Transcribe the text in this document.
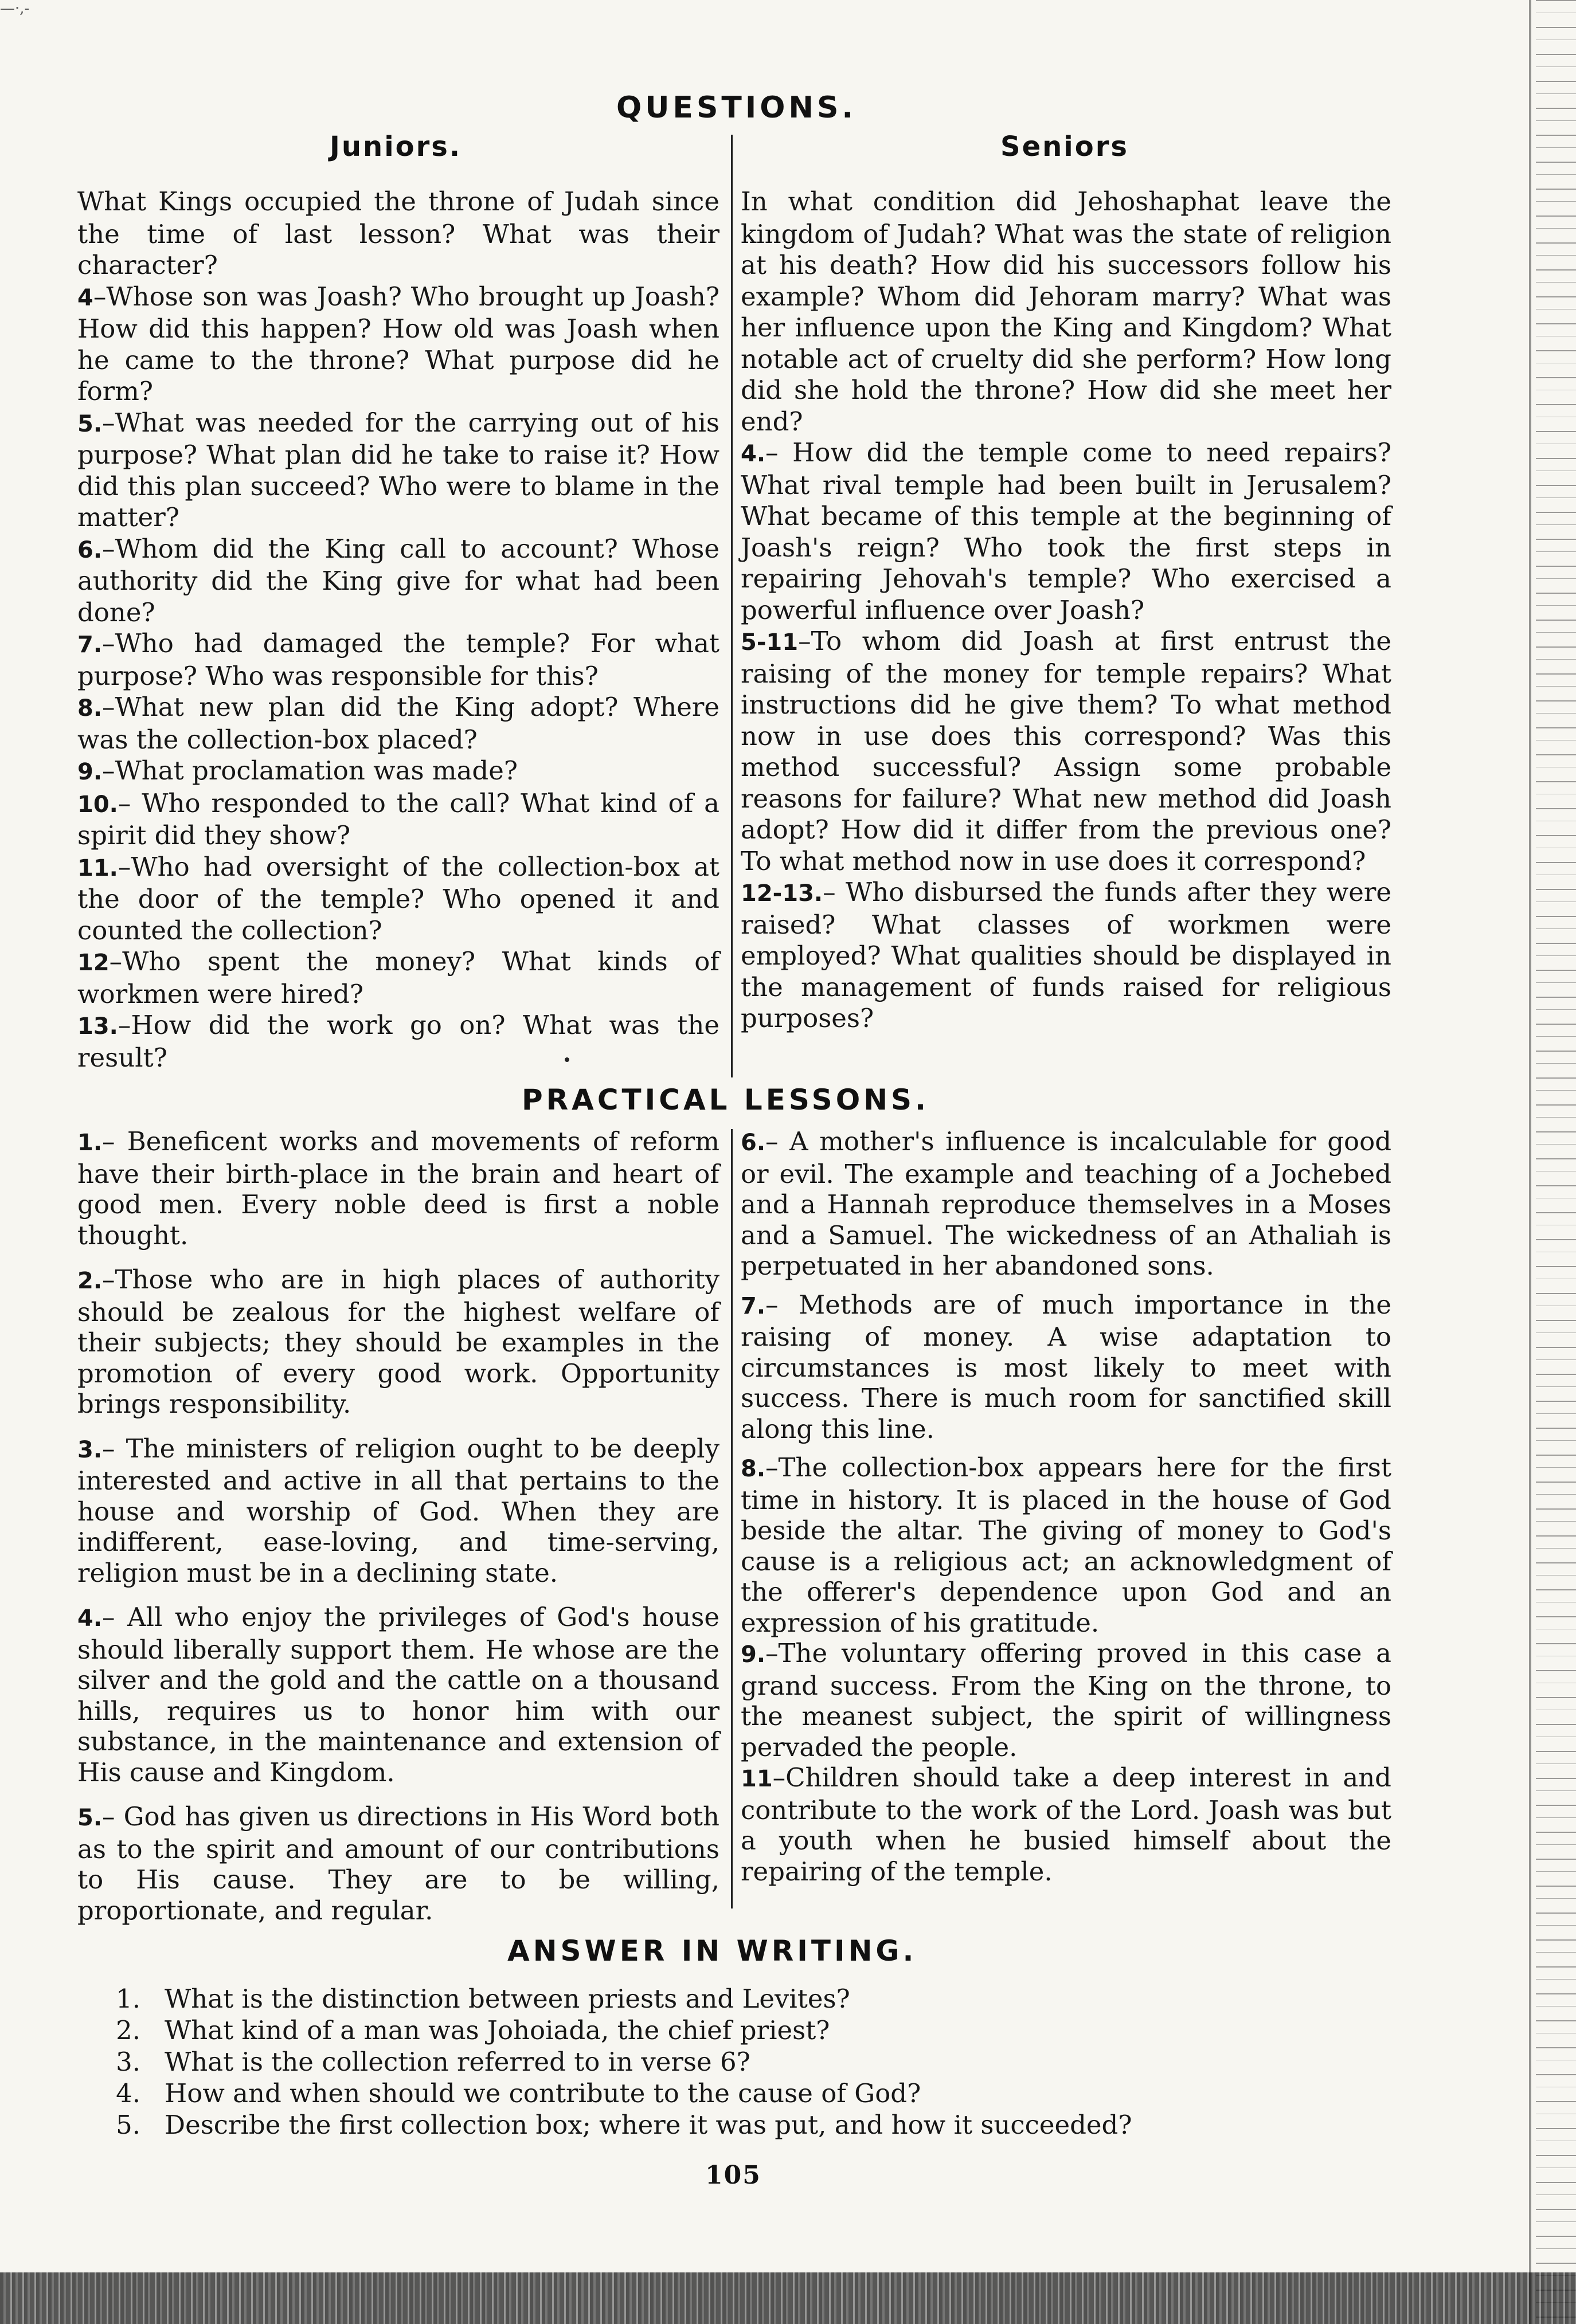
—·,-
QUESTIONS.
Juniors.	Seniors

What Kings occupied the throne of Judah since the time of last lesson? What was their character?

4–Whose son was Joash? Who brought up Joash? How did this happen? How old was Joash when he came to the throne? What purpose did he form?

5.–What was needed for the carrying out of his purpose? What plan did he take to raise it? How did this plan succeed? Who were to blame in the matter?

6.–Whom did the King call to account? Whose authority did the King give for what had been done?

7.–Who had damaged the temple? For what purpose? Who was responsible for this?

8.–What new plan did the King adopt? Where was the collection-box placed?

9.–What proclamation was made?

10.– Who responded to the call? What kind of a spirit did they show?

11.–Who had oversight of the collection-box at the door of the temple? Who opened it and counted the collection?

12–Who spent the money? What kinds of workmen were hired?

13.–How did the work go on? What was the result?

In what condition did Jehoshaphat leave the kingdom of Judah? What was the state of religion at his death? How did his successors follow his example? Whom did Jehoram marry? What was her influence upon the King and Kingdom? What notable act of cruelty did she perform? How long did she hold the throne? How did she meet her end?

4.– How did the temple come to need repairs? What rival temple had been built in Jerusalem? What became of this temple at the beginning of Joash's reign? Who took the first steps in repairing Jehovah's temple? Who exercised a powerful influence over Joash?

5-11–To whom did Joash at first entrust the raising of the money for temple repairs? What instructions did he give them? To what method now in use does this correspond? Was this method successful? Assign some probable reasons for failure? What new method did Joash adopt? How did it differ from the previous one? To what method now in use does it correspond?

12-13.– Who disbursed the funds after they were raised? What classes of workmen were employed? What qualities should be displayed in the management of funds raised for religious purposes?

PRACTICAL LESSONS.

1.– Beneficent works and movements of reform have their birth-place in the brain and heart of good men. Every noble deed is first a noble thought.

2.–Those who are in high places of authority should be zealous for the highest welfare of their subjects; they should be examples in the promotion of every good work. Opportunity brings responsibility.

3.– The ministers of religion ought to be deeply interested and active in all that pertains to the house and worship of God. When they are indifferent, ease-loving, and time-serving, religion must be in a declining state.

4.– All who enjoy the privileges of God's house should liberally support them. He whose are the silver and the gold and the cattle on a thousand hills, requires us to honor him with our substance, in the maintenance and extension of His cause and Kingdom.

5.– God has given us directions in His Word both as to the spirit and amount of our contributions to His cause. They are to be willing, proportionate, and regular.

6.– A mother's influence is incalculable for good or evil. The example and teaching of a Jochebed and a Hannah reproduce themselves in a Moses and a Samuel. The wickedness of an Athaliah is perpetuated in her abandoned sons.

7.– Methods are of much importance in the raising of money. A wise adaptation to circumstances is most likely to meet with success. There is much room for sanctified skill along this line.

8.–The collection-box appears here for the first time in history. It is placed in the house of God beside the altar. The giving of money to God's cause is a religious act; an acknowledgment of the offerer's dependence upon God and an expression of his gratitude.

9.–The voluntary offering proved in this case a grand success. From the King on the throne, to the meanest subject, the spirit of willingness pervaded the people.

11–Children should take a deep interest in and contribute to the work of the Lord. Joash was but a youth when he busied himself about the repairing of the temple.

ANSWER IN WRITING.
1. What is the distinction between priests and Levites?
2. What kind of a man was Johoiada, the chief priest?
3. What is the collection referred to in verse 6?
4. How and when should we contribute to the cause of God?
5. Describe the first collection box; where it was put, and how it succeeded?
105
